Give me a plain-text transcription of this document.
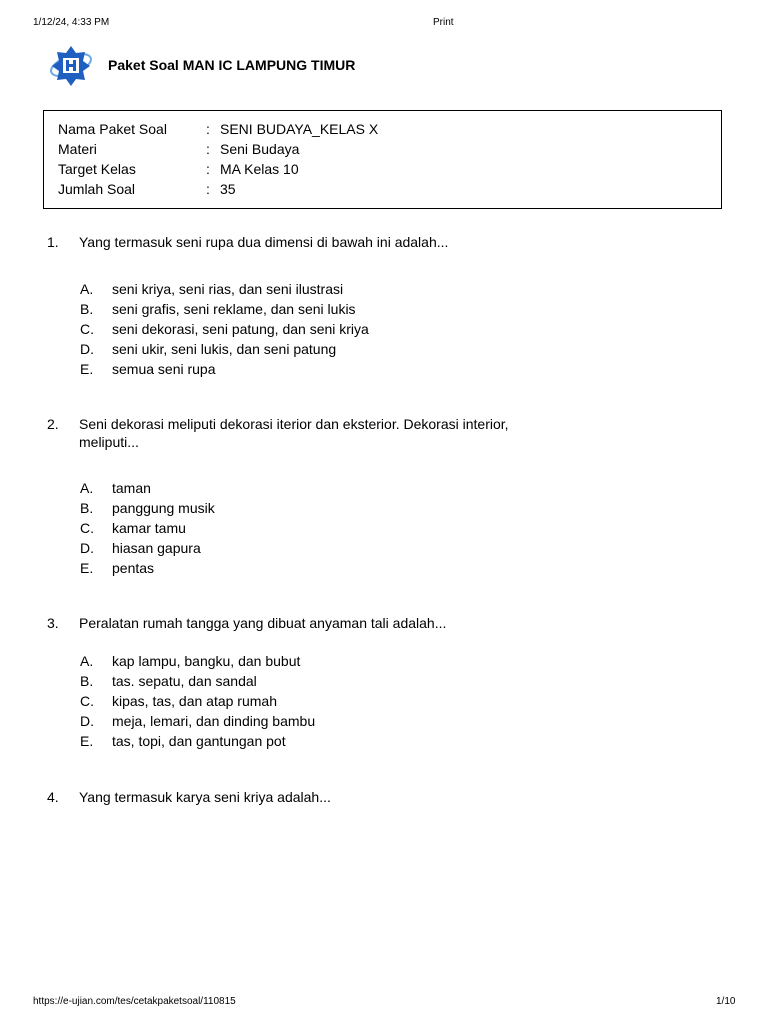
1/12/24, 4:33 PM	Print
Paket Soal MAN IC LAMPUNG TIMUR
Nama Paket Soal	: SENI BUDAYA_KELAS X
Materi	: Seni Budaya
Target Kelas	: MA Kelas 10
Jumlah Soal	: 35
1. Yang termasuk seni rupa dua dimensi di bawah ini adalah...
A. seni kriya, seni rias, dan seni ilustrasi
B. seni grafis, seni reklame, dan seni lukis
C. seni dekorasi, seni patung, dan seni kriya
D. seni ukir, seni lukis, dan seni patung
E. semua seni rupa
2. Seni dekorasi meliputi dekorasi iterior dan eksterior. Dekorasi interior, meliputi...
A. taman
B. panggung musik
C. kamar tamu
D. hiasan gapura
E. pentas
3. Peralatan rumah tangga yang dibuat anyaman tali adalah...
A. kap lampu, bangku, dan bubut
B. tas. sepatu, dan sandal
C. kipas, tas, dan atap rumah
D. meja, lemari, dan dinding bambu
E. tas, topi, dan gantungan pot
4. Yang termasuk karya seni kriya adalah...
https://e-ujian.com/tes/cetakpaketsoal/110815	1/10
